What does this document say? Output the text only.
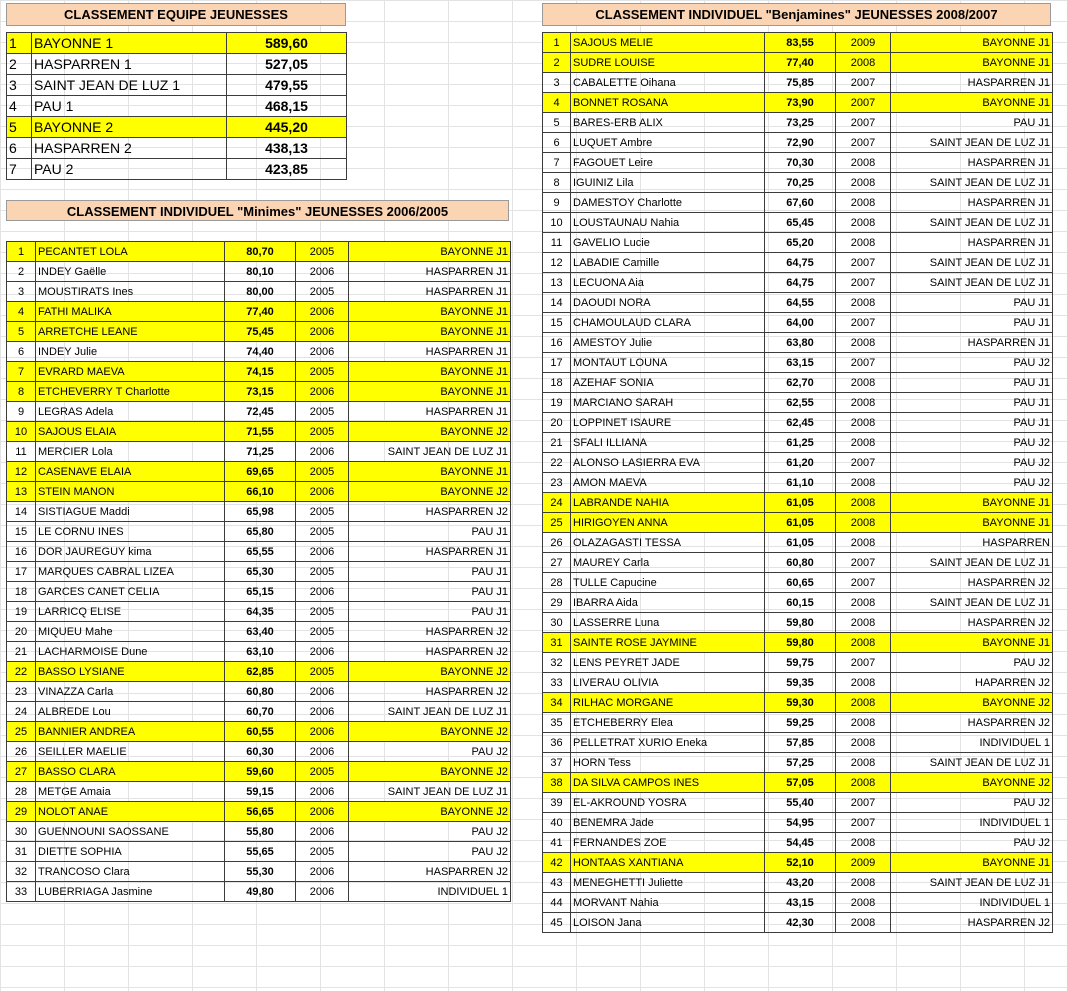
CLASSEMENT EQUIPE JEUNESSES
1	BAYONNE 1	589,60
2	HASPARREN 1	527,05
3	SAINT JEAN DE LUZ 1	479,55
4	PAU 1	468,15
5	BAYONNE 2	445,20
6	HASPARREN 2	438,13
7	PAU 2	423,85
CLASSEMENT INDIVIDUEL "Minimes" JEUNESSES 2006/2005
1	PECANTET LOLA	80,70	2005	BAYONNE J1
2	INDEY Gaëlle	80,10	2006	HASPARREN J1
3	MOUSTIRATS Ines	80,00	2005	HASPARREN J1
4	FATHI MALIKA	77,40	2006	BAYONNE J1
5	ARRETCHE LEANE	75,45	2006	BAYONNE J1
6	INDEY Julie	74,40	2006	HASPARREN J1
7	EVRARD MAEVA	74,15	2005	BAYONNE J1
8	ETCHEVERRY T Charlotte	73,15	2006	BAYONNE J1
9	LEGRAS Adela	72,45	2005	HASPARREN J1
10	SAJOUS ELAIA	71,55	2005	BAYONNE J2
11	MERCIER Lola	71,25	2006	SAINT JEAN DE LUZ J1
12	CASENAVE ELAIA	69,65	2005	BAYONNE J1
13	STEIN MANON	66,10	2006	BAYONNE J2
14	SISTIAGUE Maddi	65,98	2005	HASPARREN J2
15	LE CORNU INES	65,80	2005	PAU J1
16	DOR JAUREGUY kima	65,55	2006	HASPARREN J1
17	MARQUES CABRAL LIZEA	65,30	2005	PAU J1
18	GARCES CANET CELIA	65,15	2006	PAU J1
19	LARRICQ ELISE	64,35	2005	PAU J1
20	MIQUEU Mahe	63,40	2005	HASPARREN J2
21	LACHARMOISE Dune	63,10	2006	HASPARREN J2
22	BASSO LYSIANE	62,85	2005	BAYONNE J2
23	VINAZZA Carla	60,80	2006	HASPARREN J2
24	ALBREDE Lou	60,70	2006	SAINT JEAN DE LUZ J1
25	BANNIER ANDREA	60,55	2006	BAYONNE J2
26	SEILLER MAELIE	60,30	2006	PAU J2
27	BASSO CLARA	59,60	2005	BAYONNE J2
28	METGE Amaia	59,15	2006	SAINT JEAN DE LUZ J1
29	NOLOT ANAE	56,65	2006	BAYONNE J2
30	GUENNOUNI SAOSSANE	55,80	2006	PAU J2
31	DIETTE SOPHIA	55,65	2005	PAU J2
32	TRANCOSO Clara	55,30	2006	HASPARREN J2
33	LUBERRIAGA Jasmine	49,80	2006	INDIVIDUEL 1
CLASSEMENT INDIVIDUEL "Benjamines" JEUNESSES 2008/2007
1	SAJOUS MELIE	83,55	2009	BAYONNE J1
2	SUDRE LOUISE	77,40	2008	BAYONNE J1
3	CABALETTE Oihana	75,85	2007	HASPARREN J1
4	BONNET ROSANA	73,90	2007	BAYONNE J1
5	BARES-ERB ALIX	73,25	2007	PAU J1
6	LUQUET Ambre	72,90	2007	SAINT JEAN DE LUZ J1
7	FAGOUET Leire	70,30	2008	HASPARREN J1
8	IGUINIZ Lila	70,25	2008	SAINT JEAN DE LUZ J1
9	DAMESTOY Charlotte	67,60	2008	HASPARREN J1
10	LOUSTAUNAU Nahia	65,45	2008	SAINT JEAN DE LUZ J1
11	GAVELIO Lucie	65,20	2008	HASPARREN J1
12	LABADIE Camille	64,75	2007	SAINT JEAN DE LUZ J1
13	LECUONA Aia	64,75	2007	SAINT JEAN DE LUZ J1
14	DAOUDI NORA	64,55	2008	PAU J1
15	CHAMOULAUD CLARA	64,00	2007	PAU J1
16	AMESTOY Julie	63,80	2008	HASPARREN J1
17	MONTAUT LOUNA	63,15	2007	PAU J2
18	AZEHAF SONIA	62,70	2008	PAU J1
19	MARCIANO SARAH	62,55	2008	PAU J1
20	LOPPINET ISAURE	62,45	2008	PAU J1
21	SFALI ILLIANA	61,25	2008	PAU J2
22	ALONSO LASIERRA EVA	61,20	2007	PAU J2
23	AMON MAEVA	61,10	2008	PAU J2
24	LABRANDE NAHIA	61,05	2008	BAYONNE J1
25	HIRIGOYEN ANNA	61,05	2008	BAYONNE J1
26	OLAZAGASTI TESSA	61,05	2008	HASPARREN
27	MAUREY Carla	60,80	2007	SAINT JEAN DE LUZ J1
28	TULLE Capucine	60,65	2007	HASPARREN J2
29	IBARRA Aida	60,15	2008	SAINT JEAN DE LUZ J1
30	LASSERRE Luna	59,80	2008	HASPARREN J2
31	SAINTE ROSE JAYMINE	59,80	2008	BAYONNE J1
32	LENS PEYRET JADE	59,75	2007	PAU J2
33	LIVERAU OLIVIA	59,35	2008	HAPARREN J2
34	RILHAC MORGANE	59,30	2008	BAYONNE J2
35	ETCHEBERRY Elea	59,25	2008	HASPARREN J2
36	PELLETRAT XURIO Eneka	57,85	2008	INDIVIDUEL 1
37	HORN Tess	57,25	2008	SAINT JEAN DE LUZ J1
38	DA SILVA CAMPOS INES	57,05	2008	BAYONNE J2
39	EL-AKROUND YOSRA	55,40	2007	PAU J2
40	BENEMRA Jade	54,95	2007	INDIVIDUEL 1
41	FERNANDES ZOE	54,45	2008	PAU J2
42	HONTAAS XANTIANA	52,10	2009	BAYONNE J1
43	MENEGHETTI Juliette	43,20	2008	SAINT JEAN DE LUZ J1
44	MORVANT Nahia	43,15	2008	INDIVIDUEL 1
45	LOISON Jana	42,30	2008	HASPARREN J2
